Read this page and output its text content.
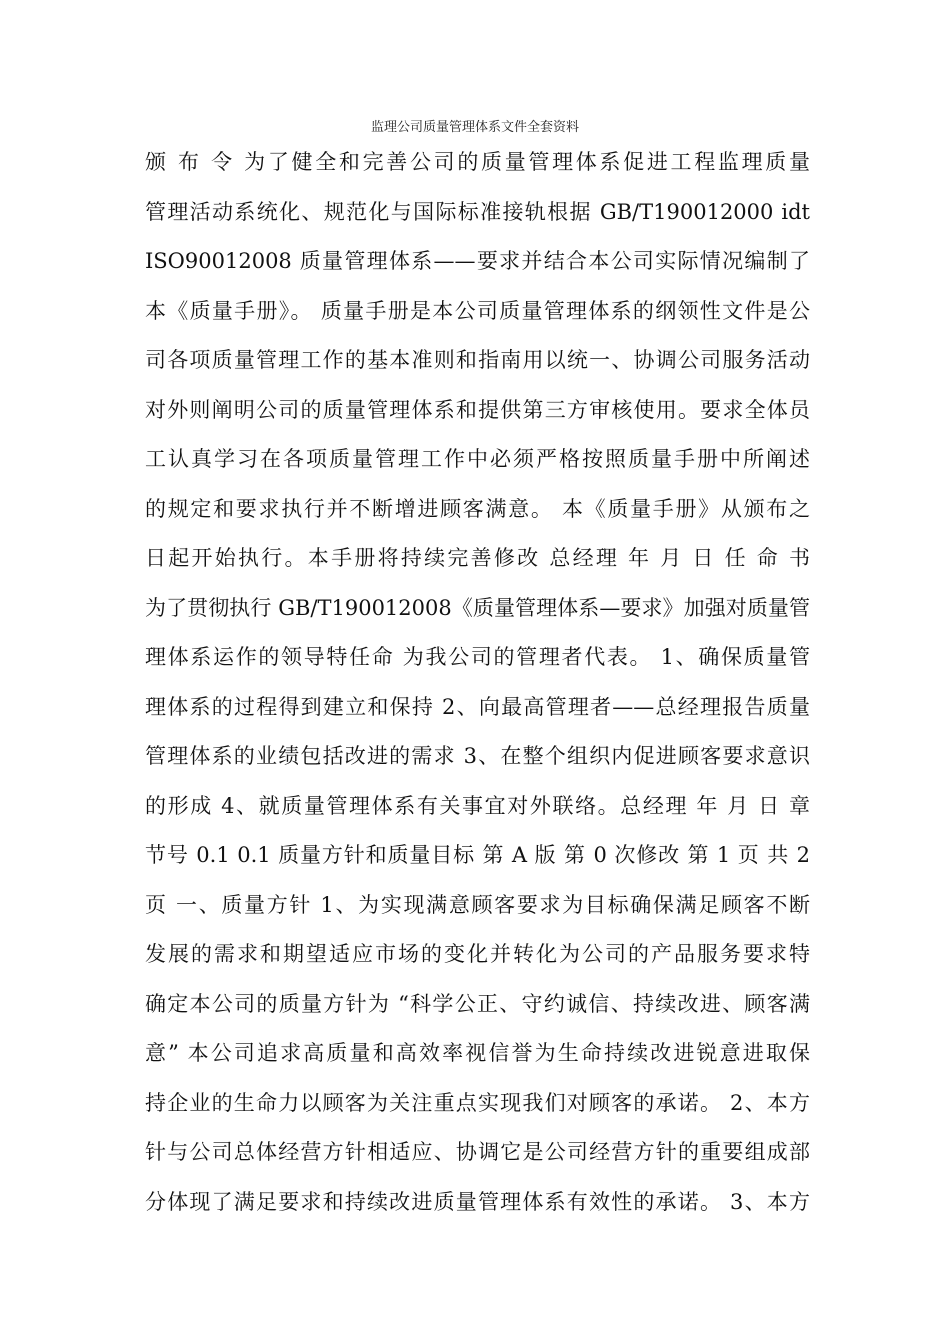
监理公司质量管理体系文件全套资料
颁 布 令 为了健全和完善公司的质量管理体系促进工程监理质量
管理活动系统化、规范化与国际标准接轨根据 GB/T190012000 idt
ISO90012008 质量管理体系——要求并结合本公司实际情况编制了
本《质量手册》。 质量手册是本公司质量管理体系的纲领性文件是公
司各项质量管理工作的基本准则和指南用以统一、协调公司服务活动
对外则阐明公司的质量管理体系和提供第三方审核使用。要求全体员
工认真学习在各项质量管理工作中必须严格按照质量手册中所阐述
的规定和要求执行并不断增进顾客满意。 本《质量手册》从颁布之
日起开始执行。本手册将持续完善修改 总经理 年 月 日 任 命 书
为了贯彻执行 GB/T190012008《质量管理体系—要求》加强对质量管
理体系运作的领导特任命 为我公司的管理者代表。 1、确保质量管
理体系的过程得到建立和保持 2、向最高管理者——总经理报告质量
管理体系的业绩包括改进的需求 3、在整个组织内促进顾客要求意识
的形成 4、就质量管理体系有关事宜对外联络。总经理 年 月 日 章
节号 0.1 0.1 质量方针和质量目标 第 A 版 第 0 次修改 第 1 页 共 2
页 一、质量方针 1、为实现满意顾客要求为目标确保满足顾客不断
发展的需求和期望适应市场的变化并转化为公司的产品服务要求特
确定本公司的质量方针为 “科学公正、守约诚信、持续改进、顾客满
意” 本公司追求高质量和高效率视信誉为生命持续改进锐意进取保
持企业的生命力以顾客为关注重点实现我们对顾客的承诺。 2、本方
针与公司总体经营方针相适应、协调它是公司经营方针的重要组成部
分体现了满足要求和持续改进质量管理体系有效性的承诺。 3、本方
